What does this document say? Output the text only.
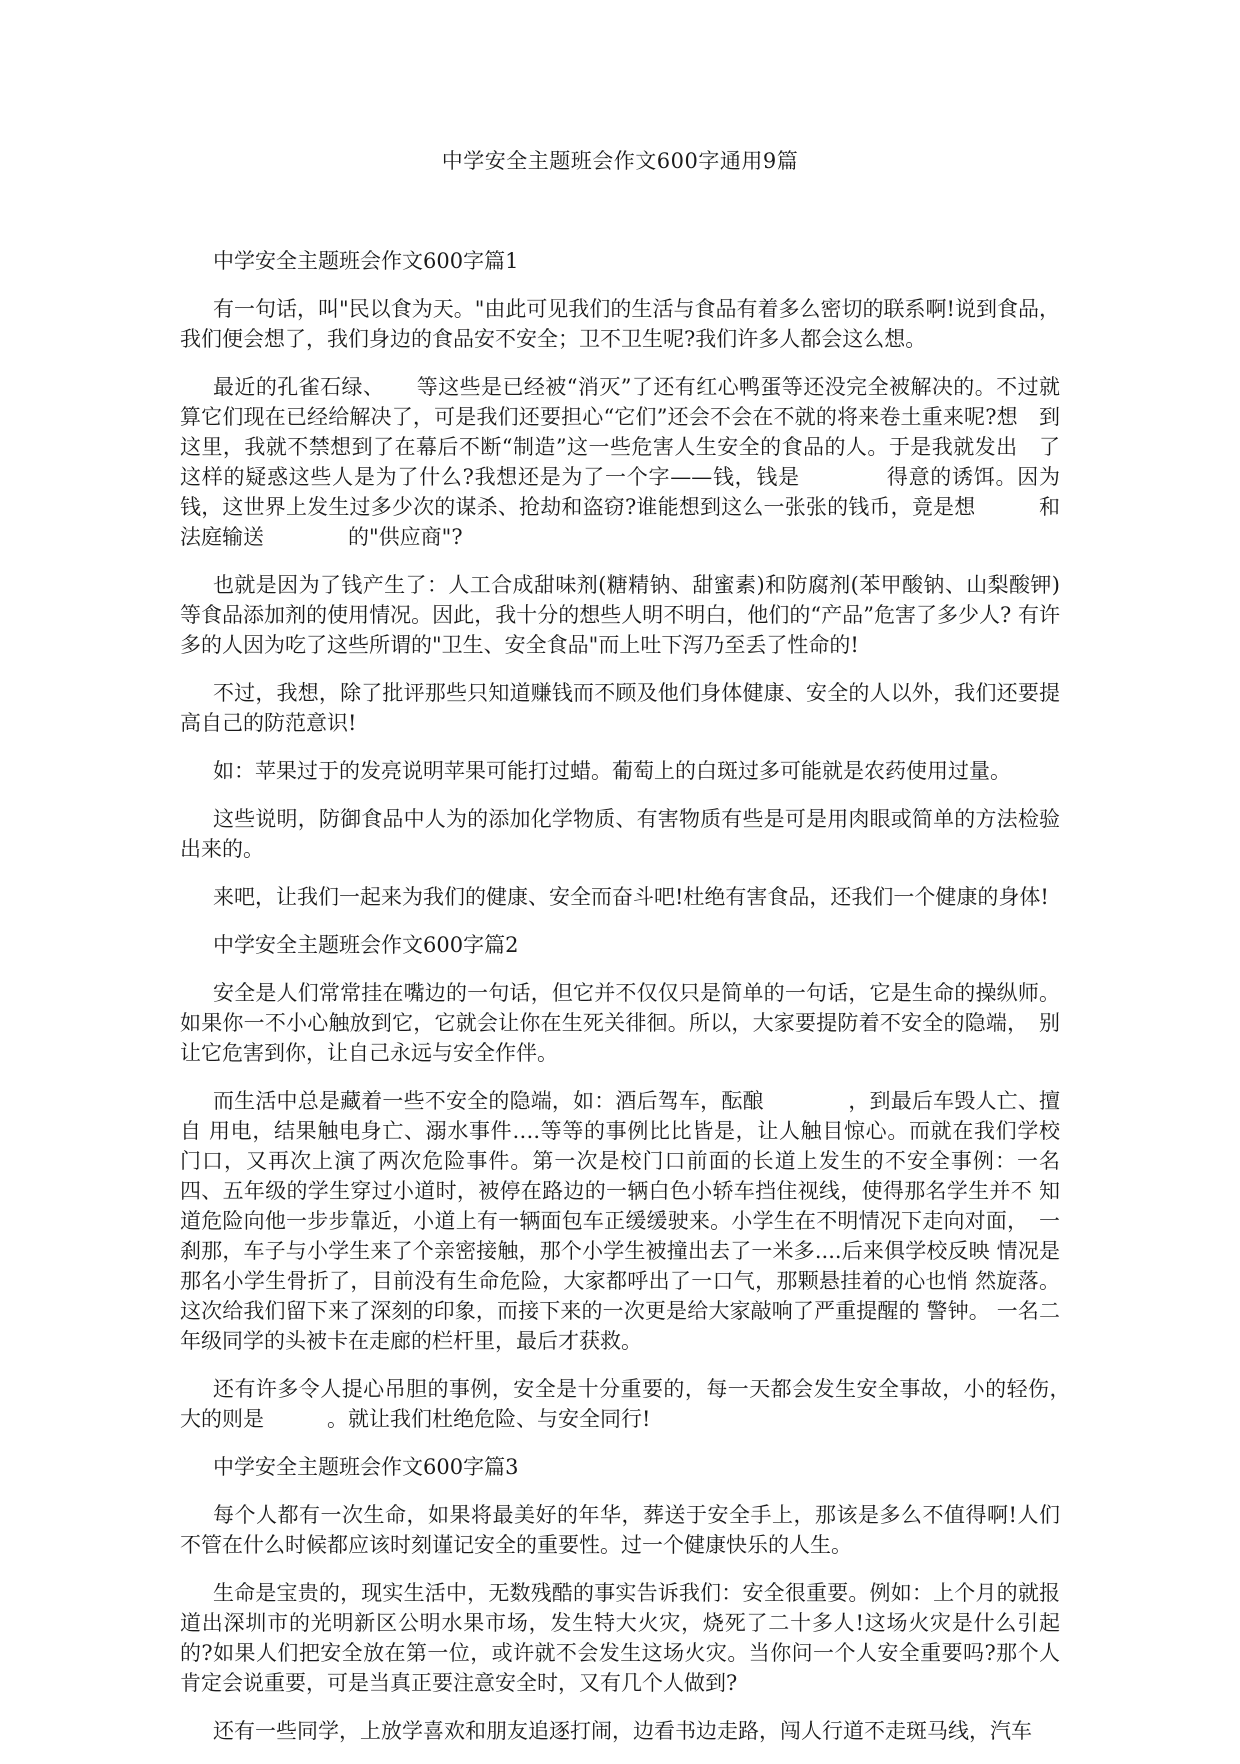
中学安全主题班会作文600字通用9篇
中学安全主题班会作文600字篇1

有一句话，叫"民以食为天。"由此可见我们的生活与食品有着多么密切的联系啊!说到食品，我们便会想了，我们身边的食品安不安全；卫不卫生呢?我们许多人都会这么想。

最近的孔雀石绿、　　等这些是已经被“消灭”了还有红心鸭蛋等还没完全被解决的。不过就 算它们现在已经给解决了，可是我们还要担心“它们”还会不会在不就的将来卷土重来呢?想　到这里，我就不禁想到了在幕后不断“制造”这一些危害人生安全的食品的人。于是我就发出　了这样的疑惑这些人是为了什么?我想还是为了一个字——钱，钱是　　　　得意的诱饵。因为 钱，这世界上发生过多少次的谋杀、抢劫和盗窃?谁能想到这么一张张的钱币，竟是想　　　和法庭输送　　　　的"供应商"?

也就是因为了钱产生了：人工合成甜味剂(糖精钠、甜蜜素)和防腐剂(苯甲酸钠、山梨酸钾) 等食品添加剂的使用情况。因此，我十分的想些人明不明白，他们的“产品”危害了多少人? 有许多的人因为吃了这些所谓的"卫生、安全食品"而上吐下泻乃至丢了性命的!

不过，我想，除了批评那些只知道赚钱而不顾及他们身体健康、安全的人以外，我们还要提高自己的防范意识!

如：苹果过于的发亮说明苹果可能打过蜡。葡萄上的白斑过多可能就是农药使用过量。

这些说明，防御食品中人为的添加化学物质、有害物质有些是可是用肉眼或简单的方法检验出来的。

来吧，让我们一起来为我们的健康、安全而奋斗吧!杜绝有害食品，还我们一个健康的身体!

中学安全主题班会作文600字篇2

安全是人们常常挂在嘴边的一句话，但它并不仅仅只是简单的一句话，它是生命的操纵师。 如果你一不小心触放到它，它就会让你在生死关徘徊。所以，大家要提防着不安全的隐端，　别让它危害到你，让自己永远与安全作伴。

而生活中总是藏着一些不安全的隐端，如：酒后驾车，酝酿　　　　，到最后车毁人亡、擅自 用电，结果触电身亡、溺水事件….等等的事例比比皆是，让人触目惊心。而就在我们学校 门口，又再次上演了两次危险事件。第一次是校门口前面的长道上发生的不安全事例：一名 四、五年级的学生穿过小道时，被停在路边的一辆白色小轿车挡住视线，使得那名学生并不 知道危险向他一步步靠近，小道上有一辆面包车正缓缓驶来。小学生在不明情况下走向对面，　一刹那，车子与小学生来了个亲密接触，那个小学生被撞出去了一米多....后来俱学校反映 情况是那名小学生骨折了，目前没有生命危险，大家都呼出了一口气，那颗悬挂着的心也悄 然旋落。这次给我们留下来了深刻的印象，而接下来的一次更是给大家敲响了严重提醒的 警钟。 一名二年级同学的头被卡在走廊的栏杆里，最后才获救。

还有许多令人提心吊胆的事例，安全是十分重要的，每一天都会发生安全事故，小的轻伤，　大的则是　　　。就让我们杜绝危险、与安全同行!

中学安全主题班会作文600字篇3

每个人都有一次生命，如果将最美好的年华，葬送于安全手上，那该是多么不值得啊!人们不管在什么时候都应该时刻谨记安全的重要性。过一个健康快乐的人生。

生命是宝贵的，现实生活中，无数残酷的事实告诉我们：安全很重要。例如：上个月的就报道出深圳市的光明新区公明水果市场，发生特大火灾，烧死了二十多人!这场火灾是什么引起的?如果人们把安全放在第一位，或许就不会发生这场火灾。当你问一个人安全重要吗?那个人肯定会说重要，可是当真正要注意安全时，又有几个人做到?

还有一些同学，上放学喜欢和朋友追逐打闹，边看书边走路，闯人行道不走斑马线，汽车
